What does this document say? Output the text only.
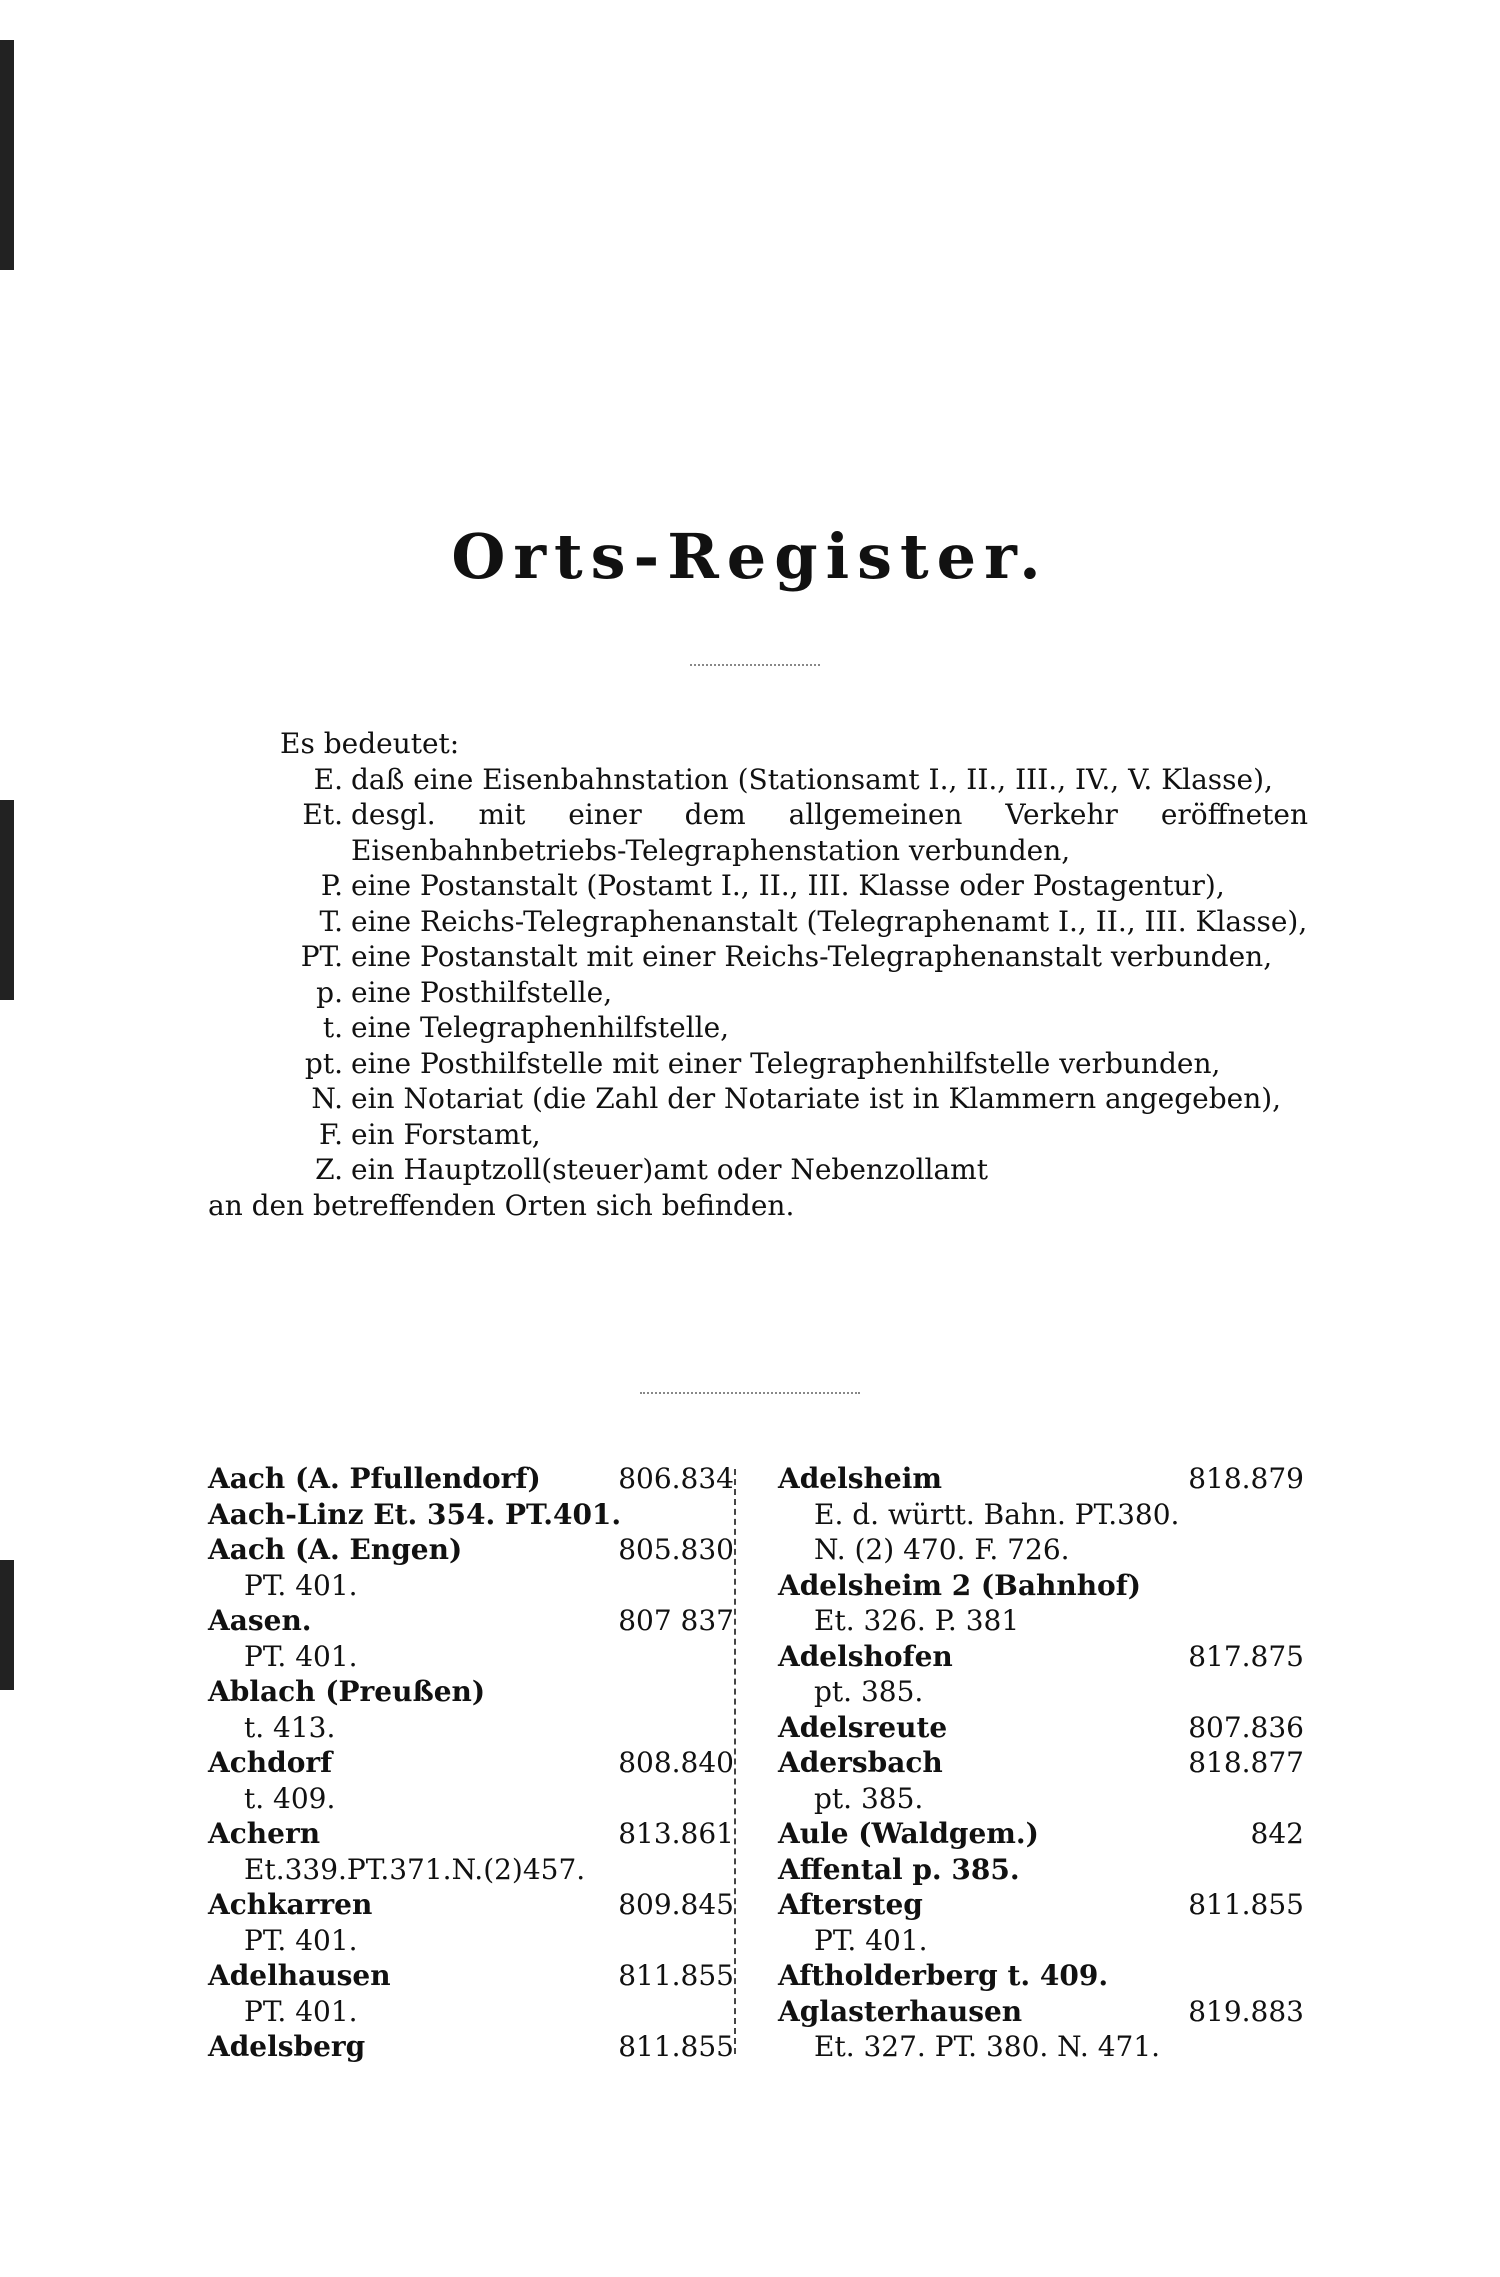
Orts-Register.
Es bedeutet:
E. daß eine Eisenbahnstation (Stationsamt I., II., III., IV., V. Klasse),
Et. desgl. mit einer dem allgemeinen Verkehr eröffneten Eisenbahnbetriebs-Telegraphenstation verbunden,
P. eine Postanstalt (Postamt I., II., III. Klasse oder Postagentur),
T. eine Reichs-Telegraphenanstalt (Telegraphenamt I., II., III. Klasse),
PT. eine Postanstalt mit einer Reichs-Telegraphenanstalt verbunden,
p. eine Posthilfstelle,
t. eine Telegraphenhilfstelle,
pt. eine Posthilfstelle mit einer Telegraphenhilfstelle verbunden,
N. ein Notariat (die Zahl der Notariate ist in Klammern angegeben),
F. ein Forstamt,
Z. ein Hauptzoll(steuer)amt oder Nebenzollamt
an den betreffenden Orten sich befinden.
Aach (A. Pfullendorf)	806.834
Aach-Linz Et. 354. PT.401.
Aach (A. Engen)	805.830
PT. 401.
Aasen.	807 837
PT. 401.
Ablach (Preußen)
t. 413.
Achdorf	808.840
t. 409.
Achern	813.861
Et.339.PT.371.N.(2)457.
Achkarren	809.845
PT. 401.
Adelhausen	811.855
PT. 401.
Adelsberg	811.855
Adelsheim	818.879
E. d. württ. Bahn. PT.380.
N. (2) 470. F. 726.
Adelsheim 2 (Bahnhof)
Et. 326. P. 381
Adelshofen	817.875
pt. 385.
Adelsreute	807.836
Adersbach	818.877
pt. 385.
Aule (Waldgem.)	842
Affental p. 385.
Aftersteg	811.855
PT. 401.
Aftholderberg t. 409.
Aglasterhausen	819.883
Et. 327. PT. 380. N. 471.
